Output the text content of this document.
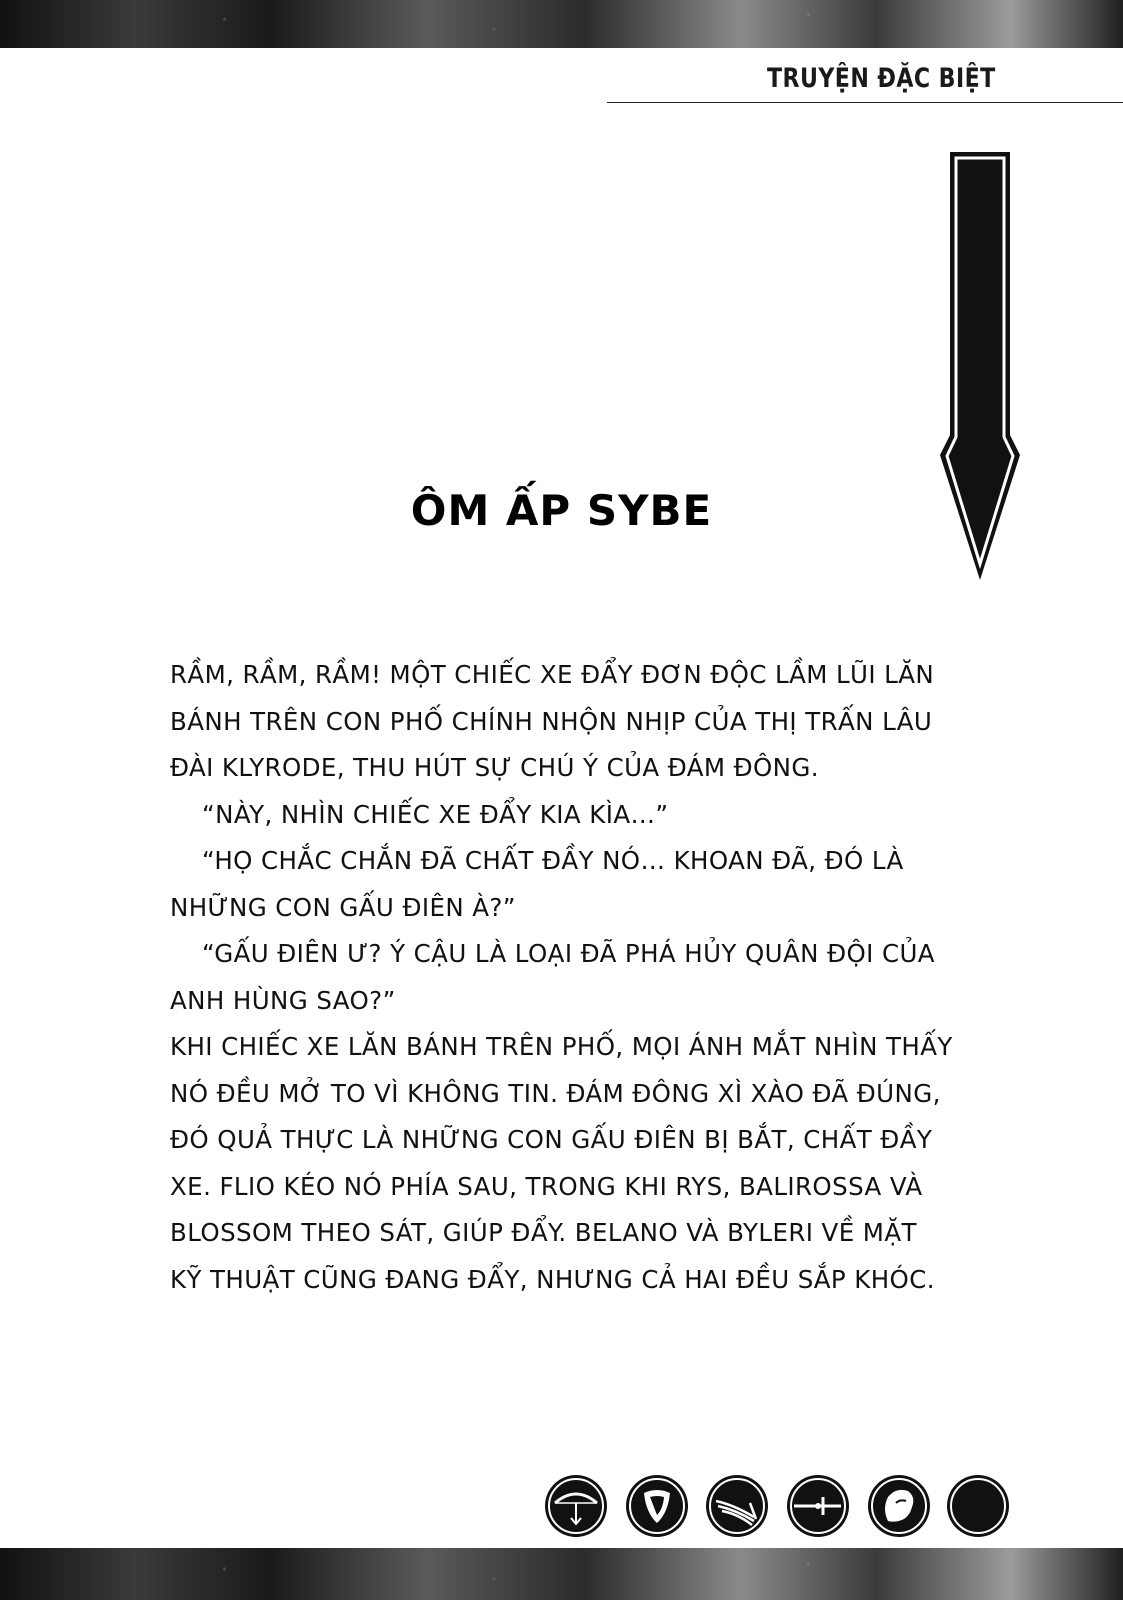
TRUYỆN ĐẶC BIỆT
ÔM ẤP SYBE
RẦM, RẦM, RẦM! MỘT CHIẾC XE ĐẨY ĐƠN ĐỘC LẦM LŨI LĂN
BÁNH TRÊN CON PHỐ CHÍNH NHỘN NHỊP CỦA THỊ TRẤN LÂU
ĐÀI KLYRODE, THU HÚT SỰ CHÚ Ý CỦA ĐÁM ĐÔNG.
“NÀY, NHÌN CHIẾC XE ĐẨY KIA KÌA…”
“HỌ CHẮC CHẮN ĐÃ CHẤT ĐẦY NÓ… KHOAN ĐÃ, ĐÓ LÀ
NHỮNG CON GẤU ĐIÊN À?”
“GẤU ĐIÊN Ư? Ý CẬU LÀ LOẠI ĐÃ PHÁ HỦY QUÂN ĐỘI CỦA
ANH HÙNG SAO?”
KHI CHIẾC XE LĂN BÁNH TRÊN PHỐ, MỌI ÁNH MẮT NHÌN THẤY
NÓ ĐỀU MỞ TO VÌ KHÔNG TIN. ĐÁM ĐÔNG XÌ XÀO ĐÃ ĐÚNG,
ĐÓ QUẢ THỰC LÀ NHỮNG CON GẤU ĐIÊN BỊ BẮT, CHẤT ĐẦY
XE. FLIO KÉO NÓ PHÍA SAU, TRONG KHI RYS, BALIROSSA VÀ
BLOSSOM THEO SÁT, GIÚP ĐẨY. BELANO VÀ BYLERI VỀ MẶT
KỸ THUẬT CŨNG ĐANG ĐẨY, NHƯNG CẢ HAI ĐỀU SẮP KHÓC.
